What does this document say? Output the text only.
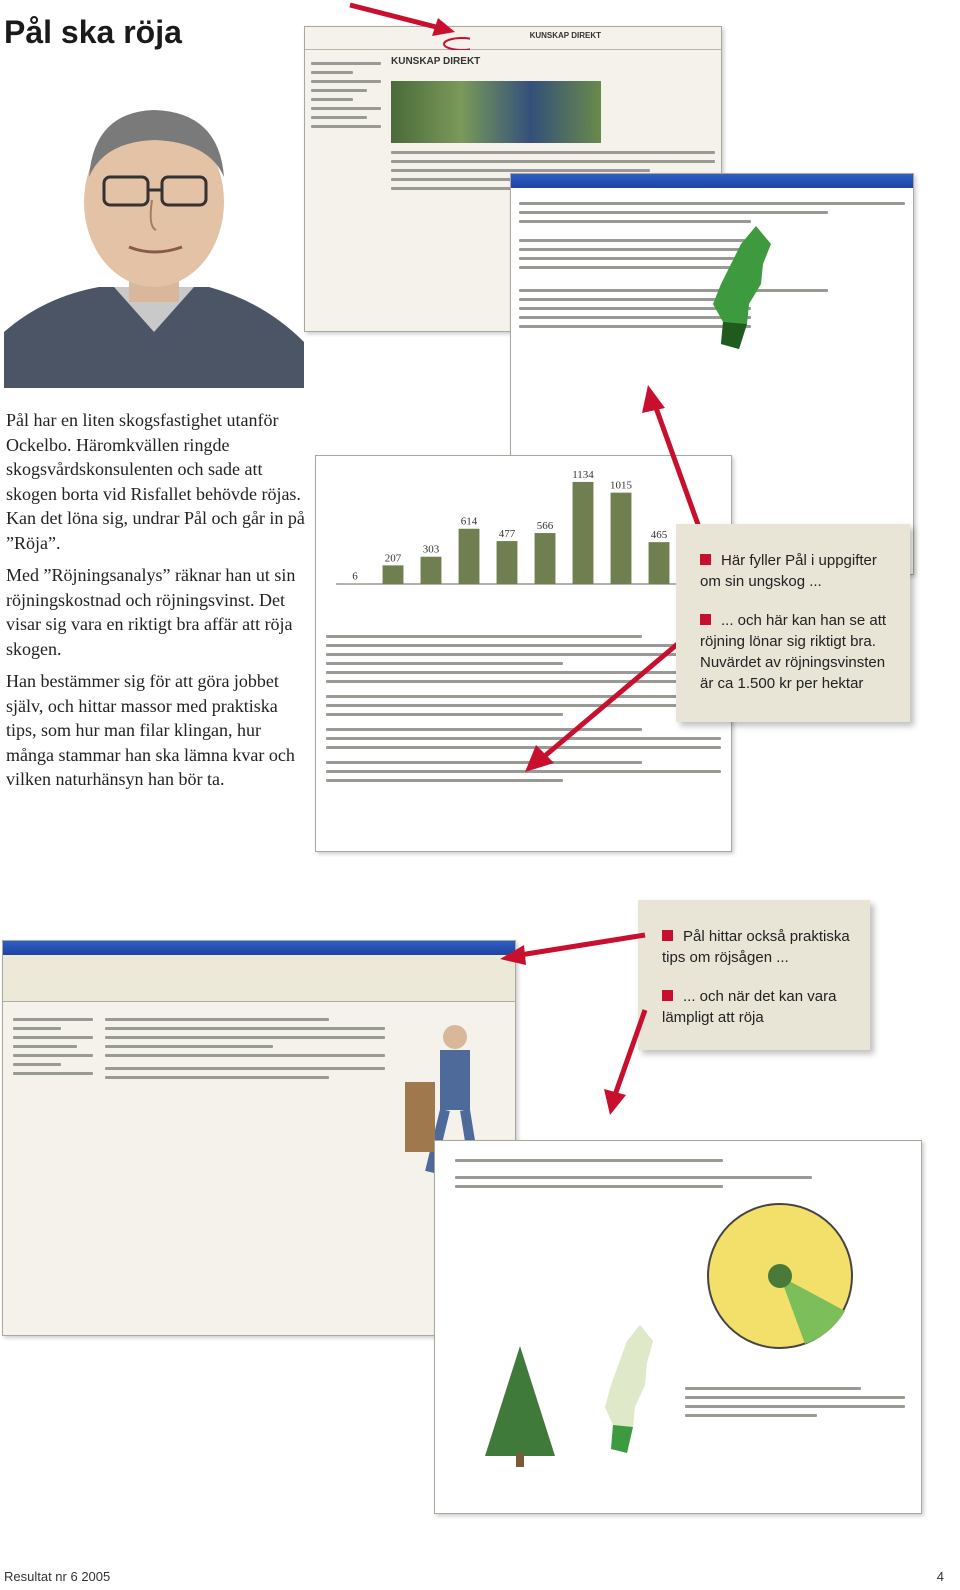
Pål ska röja

Pål har en liten skogsfastighet utanför Ockelbo. Häromkvällen ringde skogsvårdskonsulenten och sade att skogen borta vid Risfallet behövde röjas. Kan det löna sig, undrar Pål och går in på ”Röja”.

Med ”Röjningsanalys” räknar han ut sin röjningskostnad och röjningsvinst. Det visar sig vara en riktigt bra affär att röja skogen.

Han bestämmer sig för att göra jobbet själv, och hittar massor med praktiska tips, som hur man filar klingan, hur många stammar han ska lämna kvar och vilken naturhänsyn han bör ta.

KUNSKAP DIREKT
KUNSKAP DIREKT
6
207
303
614
477
566
1134
1015
465

Här fyller Pål i uppgifter om sin ungskog ...

... och här kan han se att röjning lönar sig riktigt bra. Nuvärdet av röjningsvinsten är ca 1.500 kr per hektar

Pål hittar också praktiska tips om röjsågen ...

... och när det kan vara lämpligt att röja

Resultat nr 6 2005	4
